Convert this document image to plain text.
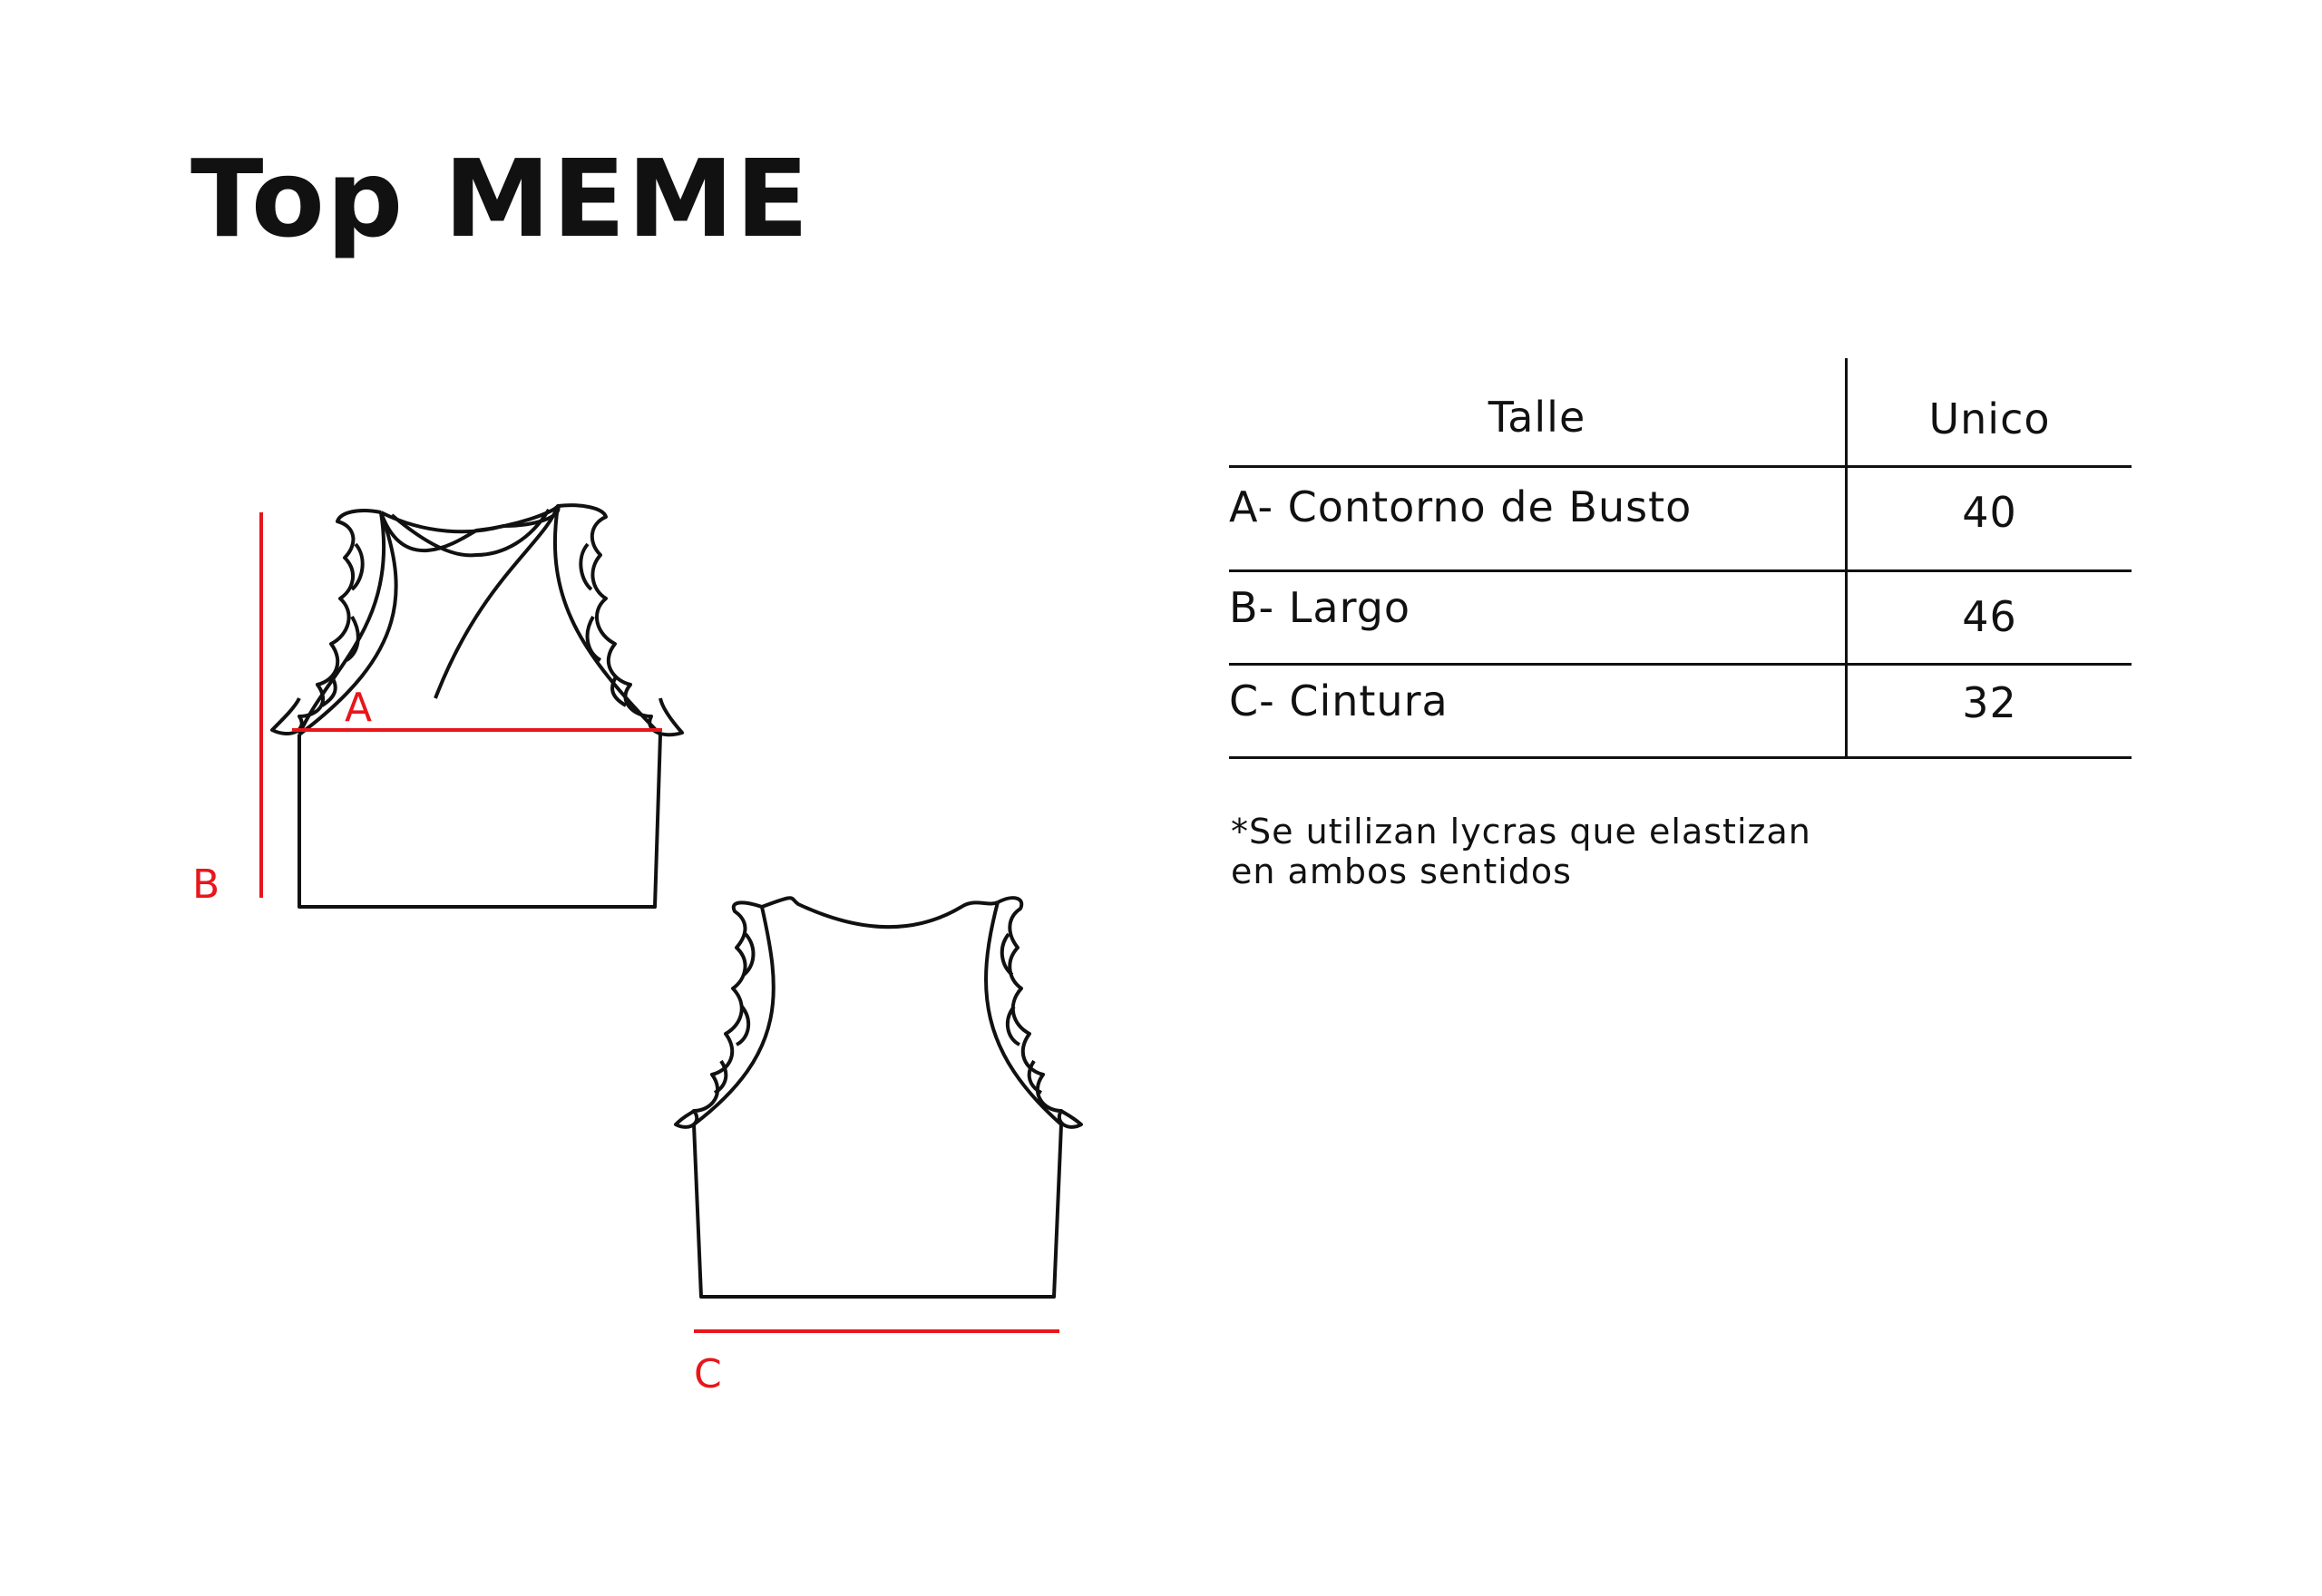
Top MEME
A
B
C
Talle	Unico
A- Contorno de Busto	40
B- Largo	46
C- Cintura	32
*Se utilizan lycras que elastizan
en ambos sentidos
